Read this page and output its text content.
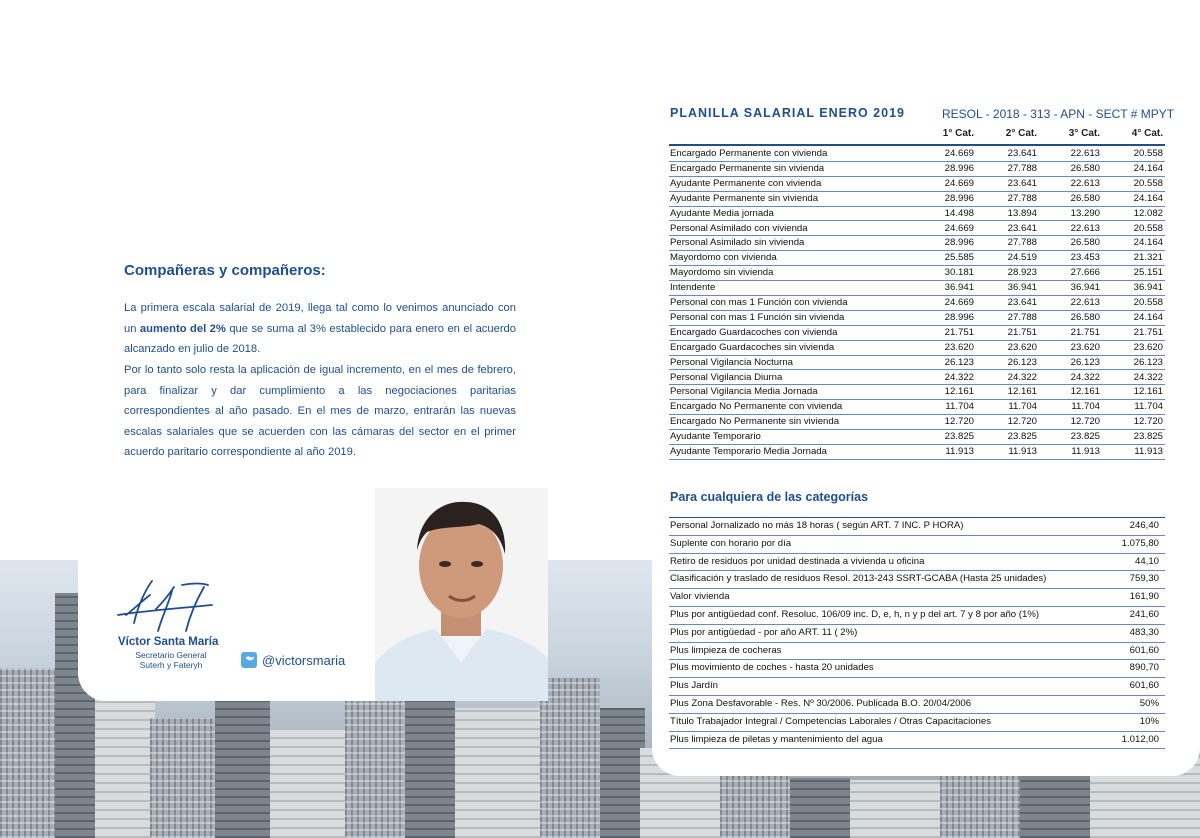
Compañeras y compañeros:

La primera escala salarial de 2019, llega tal como lo venimos anunciado con un aumento del 2% que se suma al 3% establecido para enero en el acuerdo alcanzado en julio de 2018.

Por lo tanto solo resta la aplicación de igual incremento, en el mes de febrero, para finalizar y dar cumplimiento a las negociaciones paritarias correspondientes al año pasado. En el mes de marzo, entrarán las nuevas escalas salariales que se acuerden con las cámaras del sector en el primer acuerdo paritario correspondiente al año 2019.

Víctor Santa María
Secretario General Suterh y Fateryh	@victorsmaria
PLANILLA SALARIAL ENERO 2019	RESOL - 2018 - 313 - APN - SECT # MPYT
1° Cat.	2° Cat.	3° Cat.	4° Cat.
Encargado Permanente con vivienda	24.669	23.641	22.613	20.558
Encargado Permanente sin vivienda	28.996	27.788	26.580	24.164
Ayudante Permanente con vivienda	24.669	23.641	22.613	20.558
Ayudante Permanente sin vivienda	28.996	27.788	26.580	24.164
Ayudante Media jornada	14.498	13.894	13.290	12.082
Personal Asimilado con vivienda	24.669	23.641	22.613	20.558
Personal Asimilado sin vivienda	28.996	27.788	26.580	24.164
Mayordomo con vivienda	25.585	24.519	23.453	21.321
Mayordomo sin vivienda	30.181	28.923	27.666	25.151
Intendente	36.941	36.941	36.941	36.941
Personal con mas 1 Función con vivienda	24.669	23.641	22.613	20.558
Personal con mas 1 Función sin vivienda	28.996	27.788	26.580	24.164
Encargado Guardacoches con vivienda	21.751	21.751	21.751	21.751
Encargado Guardacoches sin vivienda	23.620	23.620	23.620	23.620
Personal Vigilancia Nocturna	26.123	26.123	26.123	26.123
Personal Vigilancia Diurna	24.322	24.322	24.322	24.322
Personal Vigilancia Media Jornada	12.161	12.161	12.161	12.161
Encargado No Permanente con vivienda	11.704	11.704	11.704	11.704
Encargado No Permanente sin vivienda	12.720	12.720	12.720	12.720
Ayudante Temporario	23.825	23.825	23.825	23.825
Ayudante Temporario Media Jornada	11.913	11.913	11.913	11.913
Para cualquiera de las categorías
Personal Jornalizado no más 18 horas ( según ART. 7 INC. P HORA)	246,40
Suplente con horario por día	1.075,80
Retiro de residuos por unidad destinada a vivienda u oficina	44,10
Clasificación y traslado de residuos Resol. 2013-243 SSRT-GCABA (Hasta 25 unidades)	759,30
Valor vivienda	161,90
Plus por antigüedad conf. Resoluc. 106/09 inc. D, e, h, n y p del art. 7 y 8 por año (1%)	241,60
Plus por antigüedad - por año ART. 11 ( 2%)	483,30
Plus limpieza de cocheras	601,60
Plus movimiento de coches - hasta 20 unidades	890,70
Plus Jardín	601,60
Plus Zona Desfavorable - Res. Nº 30/2006. Publicada B.O. 20/04/2006	50%
Título Trabajador Integral / Competencias Laborales / Otras Capacitaciones	10%
Plus limpieza de piletas y mantenimiento del agua	1.012,00
